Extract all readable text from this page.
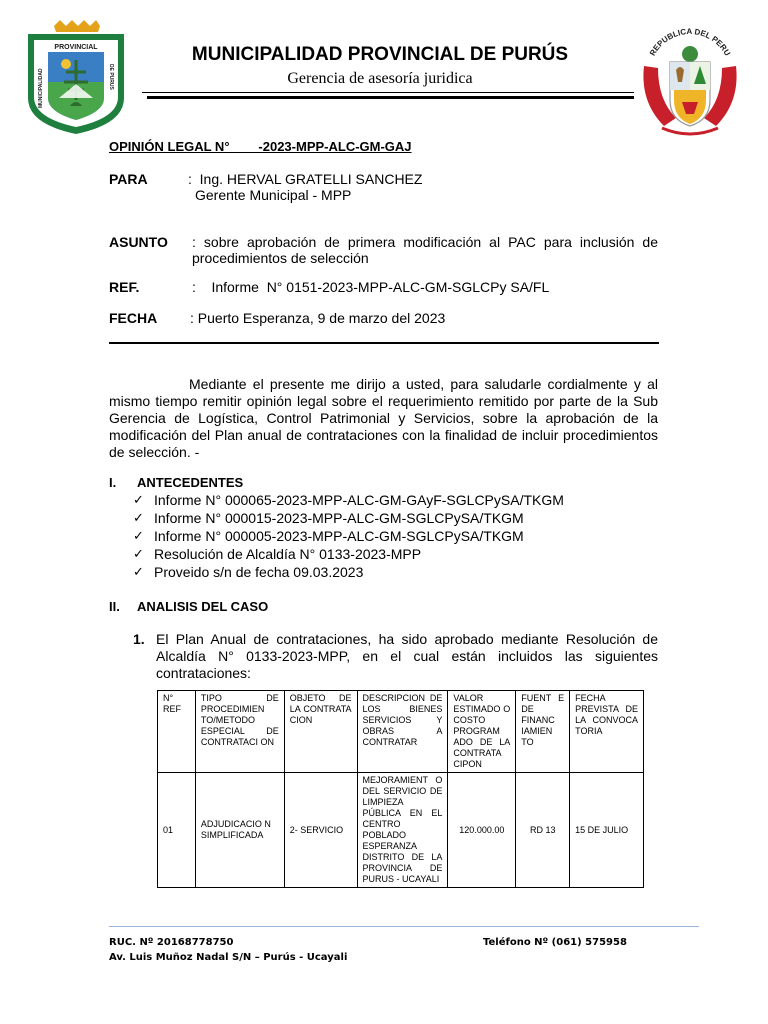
PROVINCIAL
MUNICIPALIDAD	DE PURUS
MUNICIPALIDAD PROVINCIAL DE PURÚS
Gerencia de asesoría juridica
REPUBLICA DEL PERU
OPINIÓN LEGAL N°        -2023-MPP-ALC-GM-GAJ
PARA	:  Ing. HERVAL GRATELLI SANCHEZ
Gerente Municipal - MPP
ASUNTO : sobre aprobación de primera modificación al PAC para inclusión de procedimientos de selección
REF.	:    Informe  N° 0151-2023-MPP-ALC-GM-SGLCPy SA/FL
FECHA : Puerto Esperanza, 9 de marzo del 2023
Mediante el presente me dirijo a usted, para saludarle cordialmente y al mismo tiempo remitir opinión legal sobre el requerimiento remitido por parte de la Sub Gerencia de Logística, Control Patrimonial y Servicios, sobre la aprobación de la modificación del Plan anual de contrataciones con la finalidad de incluir procedimientos de selección. -
I. ANTECEDENTES
✓ Informe N° 000065-2023-MPP-ALC-GM-GAyF-SGLCPySA/TKGM
✓ Informe N° 000015-2023-MPP-ALC-GM-SGLCPySA/TKGM
✓ Informe N° 000005-2023-MPP-ALC-GM-SGLCPySA/TKGM
✓ Resolución de Alcaldía N° 0133-2023-MPP
✓ Proveido s/n de fecha 09.03.2023
II. ANALISIS DEL CASO
1. El Plan Anual de contrataciones, ha sido aprobado mediante Resolución de Alcaldía N° 0133-2023-MPP, en el cual están incluidos las siguientes contrataciones:
N° REF	TIPO DE PROCEDIMIEN TO/METODO ESPECIAL DE CONTRATACI ON	OBJETO DE LA CONTRATA CION	DESCRIPCION DE LOS BIENES SERVICIOS Y OBRAS A CONTRATAR	VALOR ESTIMADO O COSTO PROGRAM ADO DE LA CONTRATA CIPON	FUENT E DE FINANC IAMIEN TO	FECHA PREVISTA DE LA CONVOCA TORIA
01	ADJUDICACIO N SIMPLIFICADA	2- SERVICIO	MEJORAMIENT O DEL SERVICIO DE LIMPIEZA PÚBLICA EN EL CENTRO POBLADO ESPERANZA DISTRITO DE LA PROVINCIA DE PURUS - UCAYALI	120.000.00	RD 13	15 DE JULIO
RUC. Nº 20168778750
Av. Luis Muñoz Nadal S/N – Purús - Ucayali
Teléfono Nº (061) 575958
